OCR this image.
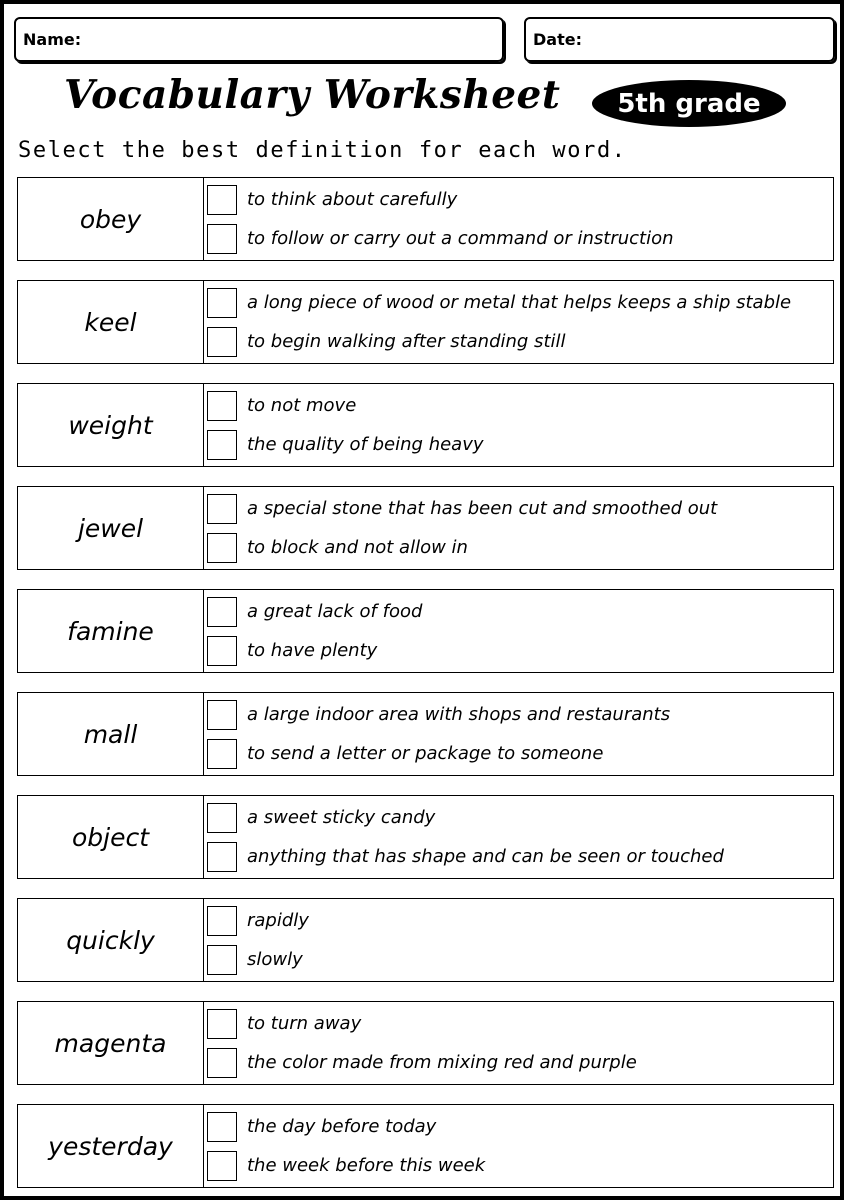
Name:	Date:
Vocabulary Worksheet	5th grade
Select the best definition for each word.
obey
to think about carefully
to follow or carry out a command or instruction
keel
a long piece of wood or metal that helps keeps a ship stable
to begin walking after standing still
weight
to not move
the quality of being heavy
jewel
a special stone that has been cut and smoothed out
to block and not allow in
famine
a great lack of food
to have plenty
mall
a large indoor area with shops and restaurants
to send a letter or package to someone
object
a sweet sticky candy
anything that has shape and can be seen or touched
quickly
rapidly
slowly
magenta
to turn away
the color made from mixing red and purple
yesterday
the day before today
the week before this week
